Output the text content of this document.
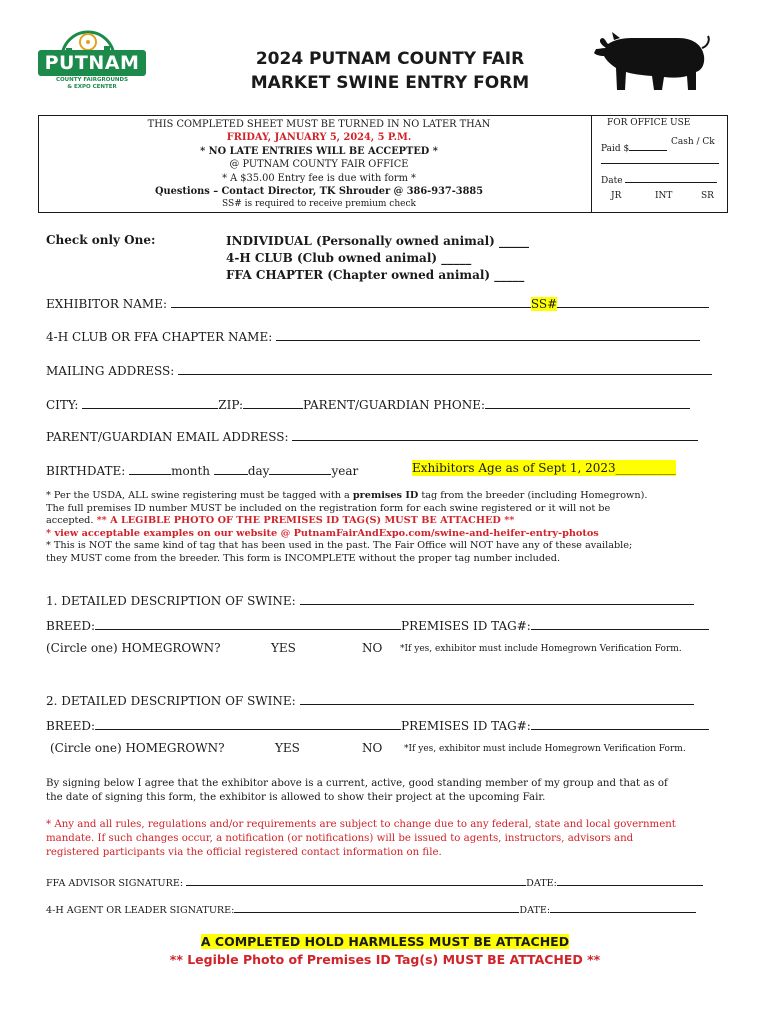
PUTNAM
COUNTY FAIRGROUNDS
& EXPO CENTER
2024 PUTNAM COUNTY FAIR
MARKET SWINE ENTRY FORM
THIS COMPLETED SHEET MUST BE TURNED IN NO LATER THAN
FRIDAY, JANUARY 5, 2024, 5 P.M.
* NO LATE ENTRIES WILL BE ACCEPTED *
@ PUTNAM COUNTY FAIR OFFICE
* A $35.00 Entry fee is due with form *
Questions – Contact Director, TK Shrouder @ 386-937-3885
SS# is required to receive premium check
FOR OFFICE USE
Paid $
Cash / Ck
Date
JR	INT	SR
Check only One:	INDIVIDUAL (Personally owned animal) _____
4-H CLUB (Club owned animal) _____
FFA CHAPTER (Chapter owned animal) _____
EXHIBITOR NAME:	SS#
4-H CLUB OR FFA CHAPTER NAME:
MAILING ADDRESS:
CITY:	ZIP:	PARENT/GUARDIAN PHONE:
PARENT/GUARDIAN EMAIL ADDRESS:
BIRTHDATE:	month	day	year	Exhibitors Age as of Sept 1, 2023__________
* Per the USDA, ALL swine registering must be tagged with a premises ID tag from the breeder (including Homegrown).
The full premises ID number MUST be included on the registration form for each swine registered or it will not be
accepted. ** A LEGIBLE PHOTO OF THE PREMISES ID TAG(S) MUST BE ATTACHED **
* view acceptable examples on our website @ PutnamFairAndExpo.com/swine-and-heifer-entry-photos
* This is NOT the same kind of tag that has been used in the past. The Fair Office will NOT have any of these available;
they MUST come from the breeder. This form is INCOMPLETE without the proper tag number included.
1. DETAILED DESCRIPTION OF SWINE:
BREED:	PREMISES ID TAG#:
(Circle one) HOMEGROWN?	YES	NO *If yes, exhibitor must include Homegrown Verification Form.
2. DETAILED DESCRIPTION OF SWINE:
BREED:	PREMISES ID TAG#:
(Circle one) HOMEGROWN?	YES	NO *If yes, exhibitor must include Homegrown Verification Form.
By signing below I agree that the exhibitor above is a current, active, good standing member of my group and that as of
the date of signing this form, the exhibitor is allowed to show their project at the upcoming Fair.
* Any and all rules, regulations and/or requirements are subject to change due to any federal, state and local government
mandate. If such changes occur, a notification (or notifications) will be issued to agents, instructors, advisors and
registered participants via the official registered contact information on file.
FFA ADVISOR SIGNATURE:	DATE:
4-H AGENT OR LEADER SIGNATURE:	DATE:
A COMPLETED HOLD HARMLESS MUST BE ATTACHED
** Legible Photo of Premises ID Tag(s) MUST BE ATTACHED **
